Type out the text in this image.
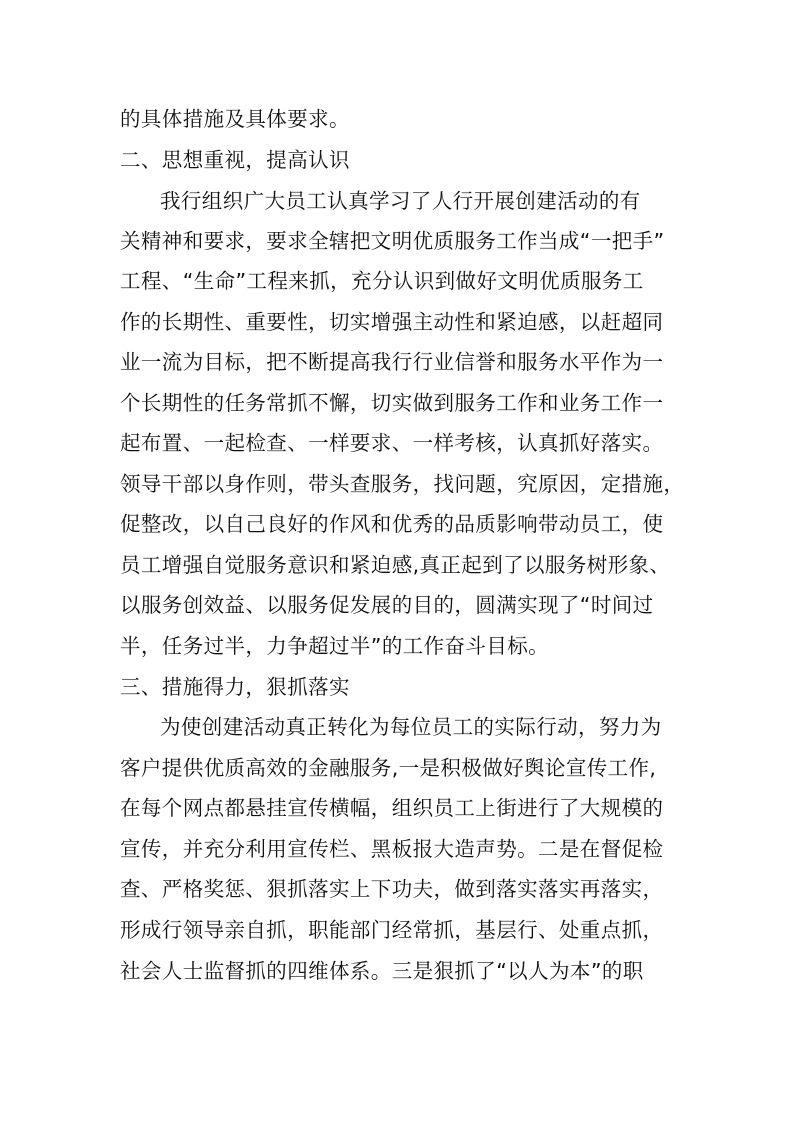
的具体措施及具体要求。
二、思想重视，提高认识
我行组织广大员工认真学习了人行开展创建活动的有
关精神和要求，要求全辖把文明优质服务工作当成“一把手”
工程、“生命”工程来抓，充分认识到做好文明优质服务工
作的长期性、重要性，切实增强主动性和紧迫感，以赶超同
业一流为目标，把不断提高我行行业信誉和服务水平作为一
个长期性的任务常抓不懈，切实做到服务工作和业务工作一
起布置、一起检查、一样要求、一样考核，认真抓好落实。
领导干部以身作则，带头查服务，找问题，究原因，定措施，
促整改，以自己良好的作风和优秀的品质影响带动员工，使
员工增强自觉服务意识和紧迫感,真正起到了以服务树形象、
以服务创效益、以服务促发展的目的，圆满实现了“时间过
半，任务过半，力争超过半”的工作奋斗目标。
三、措施得力，狠抓落实
为使创建活动真正转化为每位员工的实际行动，努力为
客户提供优质高效的金融服务,一是积极做好舆论宣传工作,
在每个网点都悬挂宣传横幅，组织员工上街进行了大规模的
宣传，并充分利用宣传栏、黑板报大造声势。二是在督促检
查、严格奖惩、狠抓落实上下功夫，做到落实落实再落实，
形成行领导亲自抓，职能部门经常抓，基层行、处重点抓，
社会人士监督抓的四维体系。三是狠抓了“以人为本”的职
